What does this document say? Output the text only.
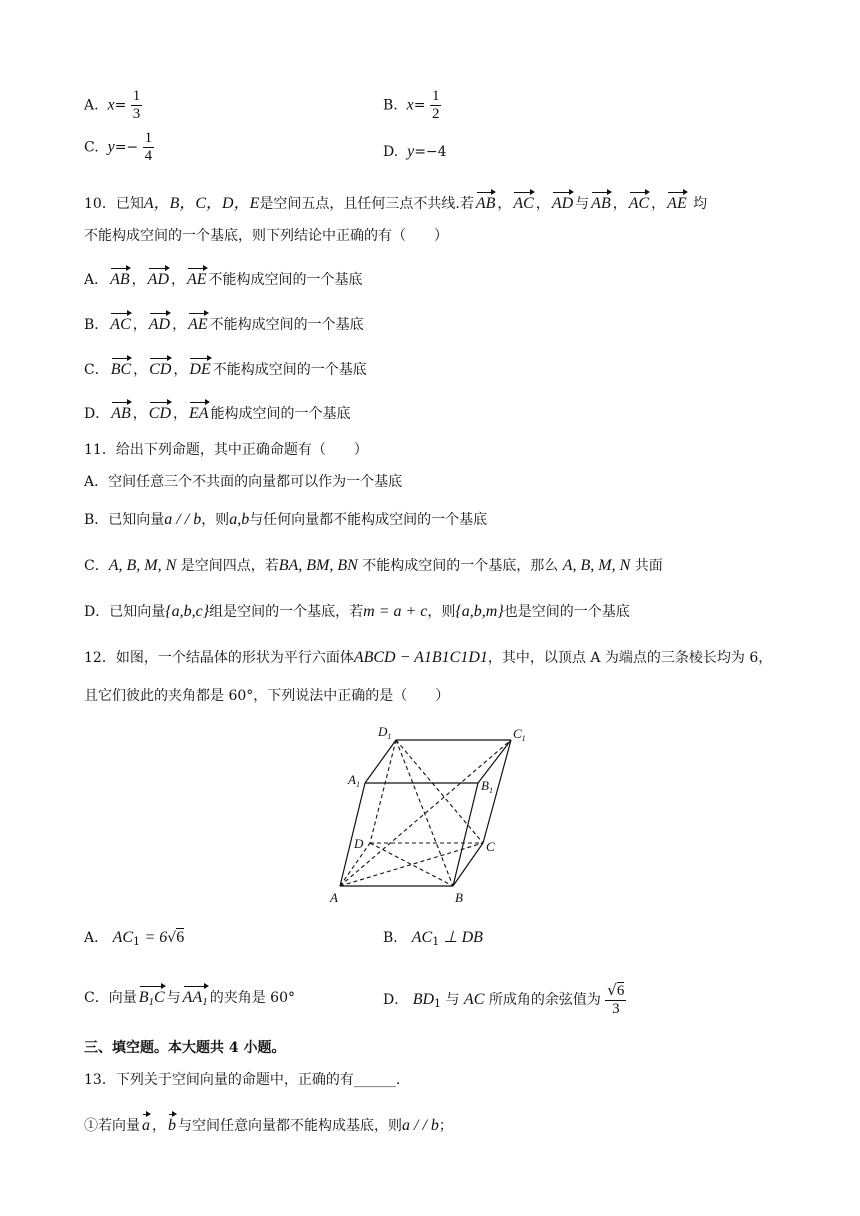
A. $x= \frac{1}{3}$	B. $x= \frac{1}{2}$
C. $y=- \frac{1}{4}$	D. y=−4
10．已知A，B，C，D，E是空间五点，且任何三点不共线.若 AB ， AC ， AD 与 AB ， AC ， AE 均
不能构成空间的一个基底，则下列结论中正确的有（　　）
A． AB ， AD ， AE 不能构成空间的一个基底
B． AC ， AD ， AE 不能构成空间的一个基底
C． BC ， CD ， DE 不能构成空间的一个基底
D． AB ， CD ， EA 能构成空间的一个基底
11．给出下列命题，其中正确命题有（　　）
A．空间任意三个不共面的向量都可以作为一个基底
B．已知向量a / / b，则a,b与任何向量都不能构成空间的一个基底
C．A, B, M, N 是空间四点，若BA, BM, BN 不能构成空间的一个基底，那么 A, B, M, N 共面
D．已知向量{a,b,c}组是空间的一个基底，若m = a + c，则{a,b,m}也是空间的一个基底
12．如图，一个结晶体的形状为平行六面体ABCD − A1B1C1D1，其中，以顶点 A 为端点的三条棱长均为 6，
且它们彼此的夹角都是 60°，下列说法中正确的是（　　）
$D_1$	$C_1$
$A_1$	$B_1$
D	C
A	B
A． $AC_1 = 6√6$	B． $AC_1$ ⊥ DB
C．向量 $B_1C$ 与 $AA_1$ 的夹角是 60°	D． $BD_1$ 与 AC 所成角的余弦值为 $\frac{√6}{3}$
三、填空题。本大题共 4 小题。
13．下列关于空间向量的命题中，正确的有______.
①若向量 a ， b 与空间任意向量都不能构成基底，则a / / b；
